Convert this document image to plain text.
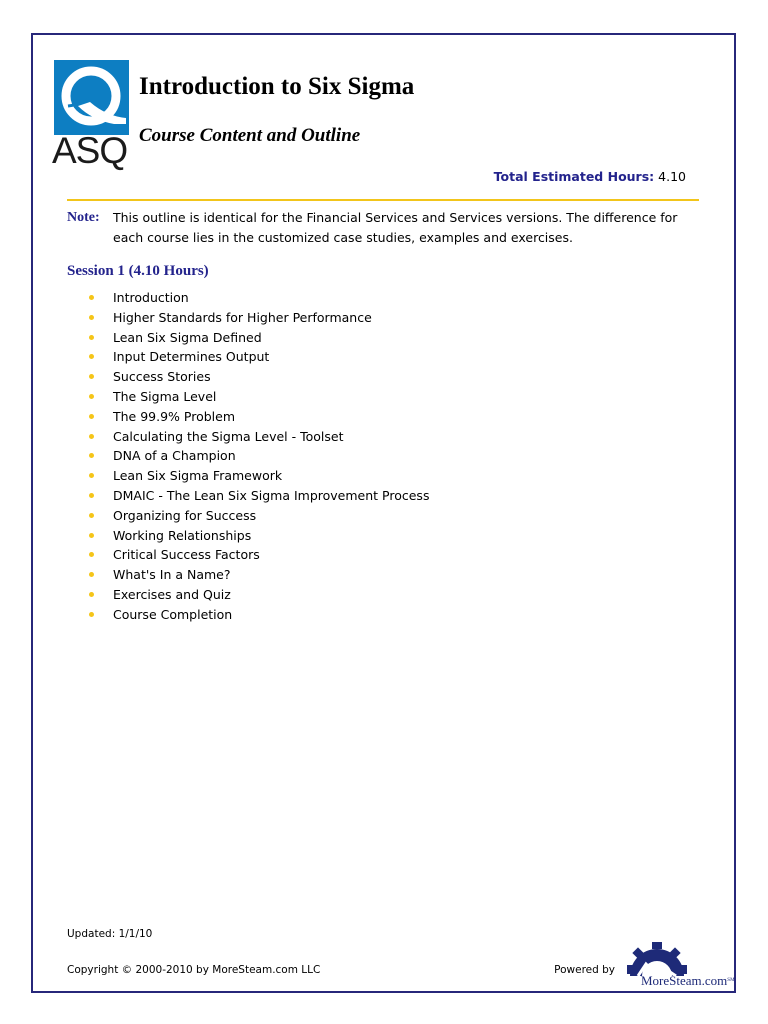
ASQ
Introduction to Six Sigma
Course Content and Outline
Total Estimated Hours: 4.10
Note: This outline is identical for the Financial Services and Services versions. The difference for each course lies in the customized case studies, examples and exercises.
Session 1 (4.10 Hours)
Introduction
Higher Standards for Higher Performance
Lean Six Sigma Defined
Input Determines Output
Success Stories
The Sigma Level
The 99.9% Problem
Calculating the Sigma Level - Toolset
DNA of a Champion
Lean Six Sigma Framework
DMAIC - The Lean Six Sigma Improvement Process
Organizing for Success
Working Relationships
Critical Success Factors
What's In a Name?
Exercises and Quiz
Course Completion
Updated: 1/1/10
Copyright © 2000-2010 by MoreSteam.com LLC	Powered by
MoreSteam.com℠
